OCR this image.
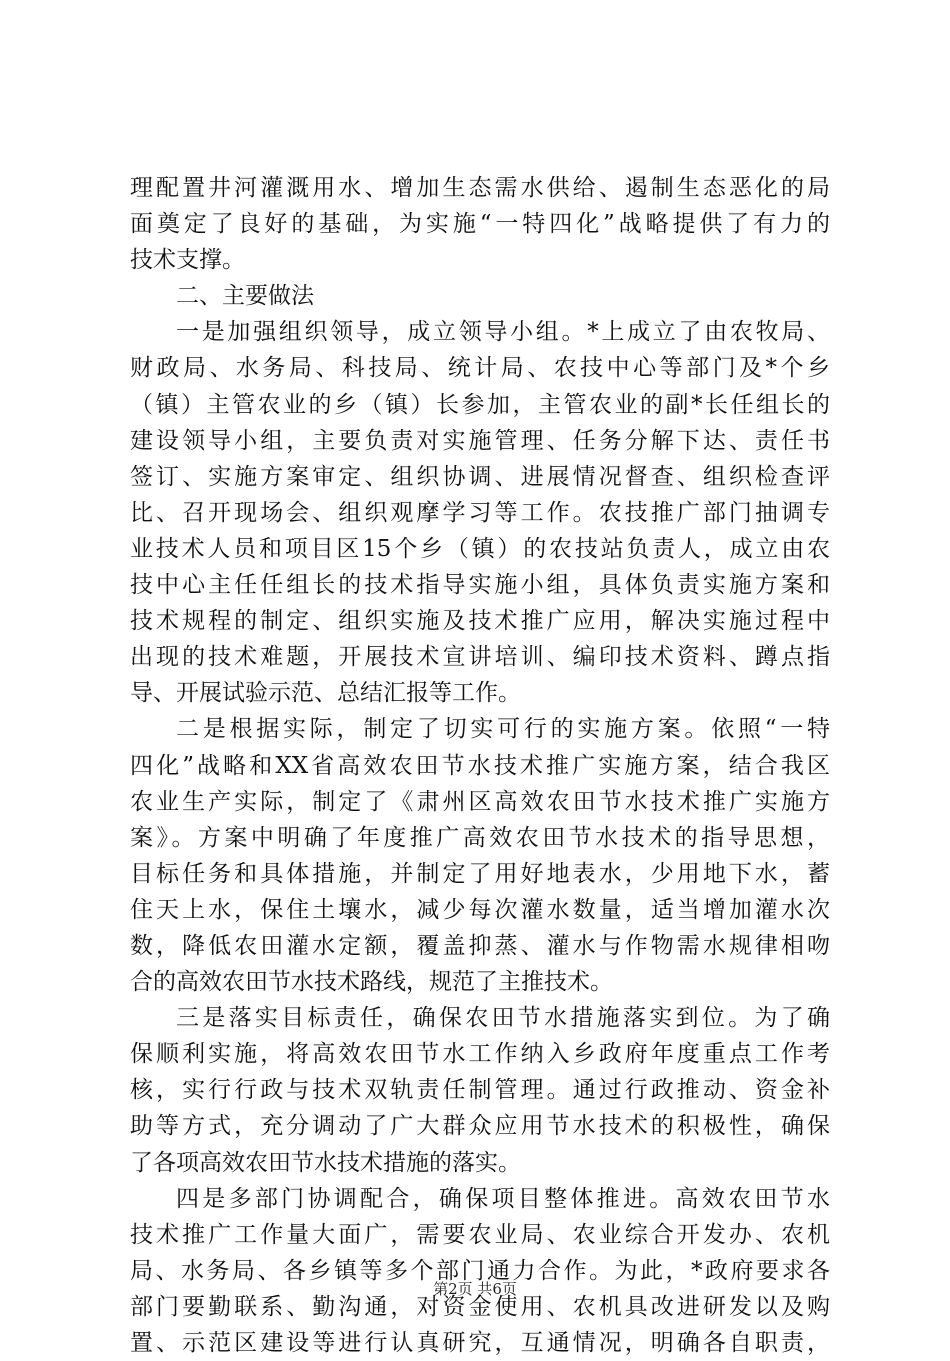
理配置井河灌溉用水、增加生态需水供给、遏制生态恶化的局
面奠定了良好的基础，为实施“一特四化”战略提供了有力的
技术支撑。
二、主要做法
一是加强组织领导，成立领导小组。*上成立了由农牧局、
财政局、水务局、科技局、统计局、农技中心等部门及*个乡
（镇）主管农业的乡（镇）长参加，主管农业的副*长任组长的
建设领导小组，主要负责对实施管理、任务分解下达、责任书
签订、实施方案审定、组织协调、进展情况督查、组织检查评
比、召开现场会、组织观摩学习等工作。农技推广部门抽调专
业技术人员和项目区15个乡（镇）的农技站负责人，成立由农
技中心主任任组长的技术指导实施小组，具体负责实施方案和
技术规程的制定、组织实施及技术推广应用，解决实施过程中
出现的技术难题，开展技术宣讲培训、编印技术资料、蹲点指
导、开展试验示范、总结汇报等工作。
二是根据实际，制定了切实可行的实施方案。依照“一特
四化”战略和XX省高效农田节水技术推广实施方案，结合我区
农业生产实际，制定了《肃州区高效农田节水技术推广实施方
案》。方案中明确了年度推广高效农田节水技术的指导思想，
目标任务和具体措施，并制定了用好地表水，少用地下水，蓄
住天上水，保住土壤水，减少每次灌水数量，适当增加灌水次
数，降低农田灌水定额，覆盖抑蒸、灌水与作物需水规律相吻
合的高效农田节水技术路线，规范了主推技术。
三是落实目标责任，确保农田节水措施落实到位。为了确
保顺利实施，将高效农田节水工作纳入乡政府年度重点工作考
核，实行行政与技术双轨责任制管理。通过行政推动、资金补
助等方式，充分调动了广大群众应用节水技术的积极性，确保
了各项高效农田节水技术措施的落实。
四是多部门协调配合，确保项目整体推进。高效农田节水
技术推广工作量大面广，需要农业局、农业综合开发办、农机
局、水务局、各乡镇等多个部门通力合作。为此，*政府要求各
部门要勤联系、勤沟通，对资金使用、农机具改进研发以及购
置、示范区建设等进行认真研究，互通情况，明确各自职责，
第2页 共6页
